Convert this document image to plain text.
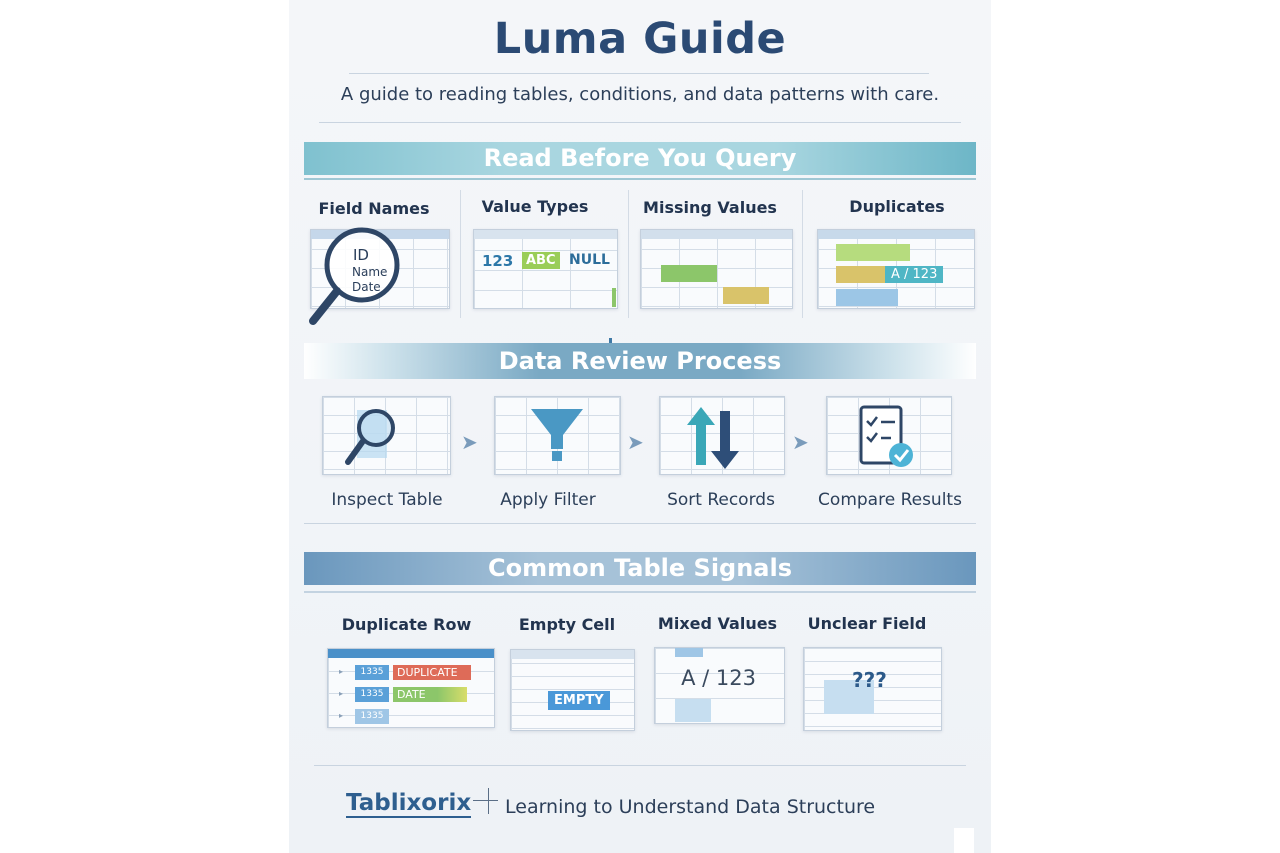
Luma Guide
A guide to reading tables, conditions, and data patterns with care.
Read Before You Query
Field Names	Value Types	Missing Values	Duplicates
ID
Name
Date
123 ABC NULL
A / 123
Data Review Process
➤	➤	➤
Inspect Table	Apply Filter	Sort Records	Compare Results
Common Table Signals
Duplicate Row	Empty Cell	Mixed Values	Unclear Field
1335	DUPLICATE
1335	DATE
1335
▸
▸
▸
EMPTY
A / 123	???
Tablixorix Learning to Understand Data Structure
